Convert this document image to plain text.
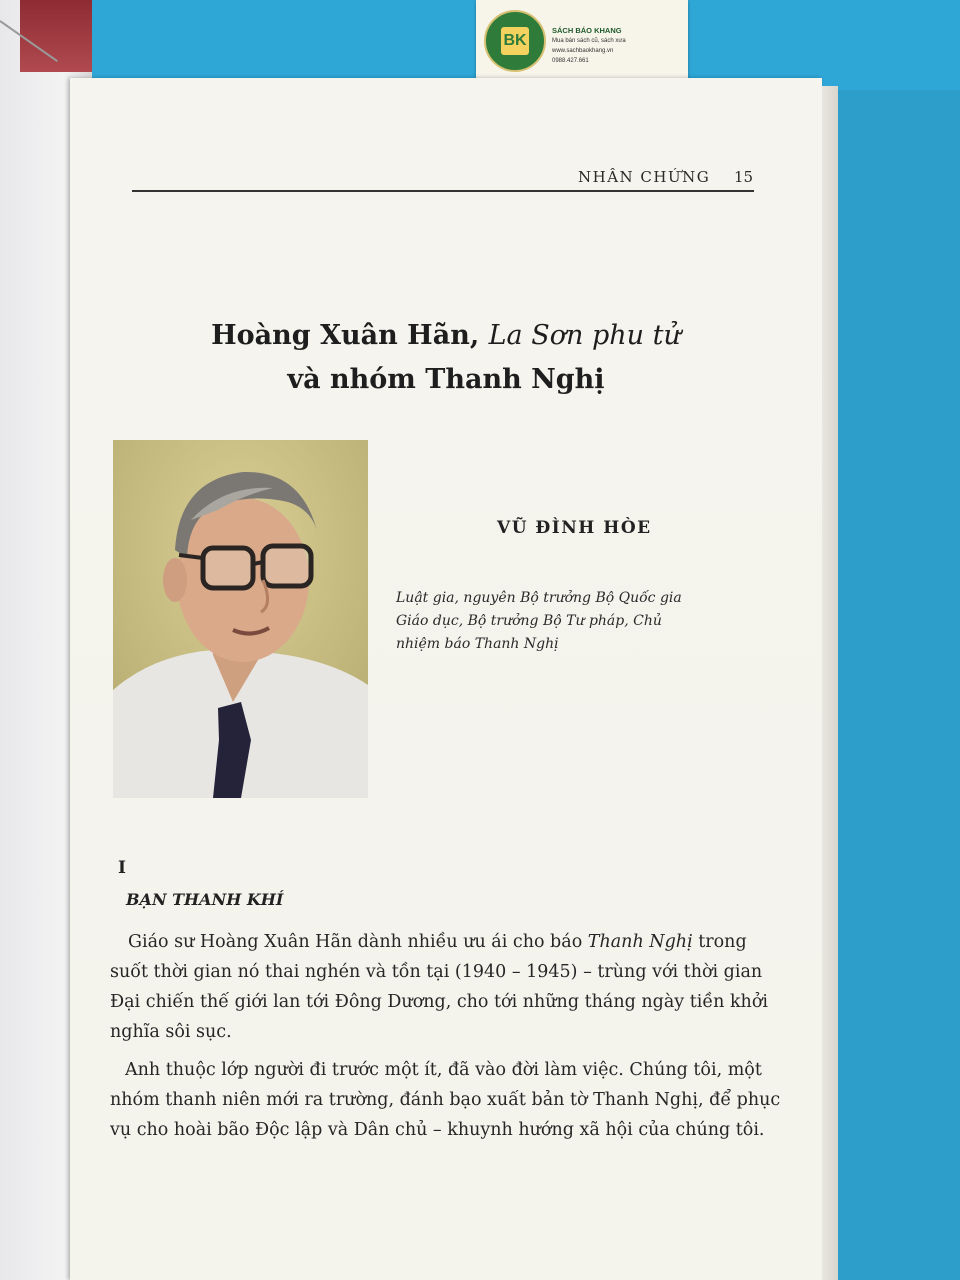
BK
SÁCH BÁO KHANG
Mua bán sách cũ, sách xưa
www.sachbaokhang.vn
0988.427.661
NHÂN CHỨNG 15
Hoàng Xuân Hãn, La Sơn phu tử
và nhóm Thanh Nghị
VŨ ĐÌNH HÒE
Luật gia, nguyên Bộ trưởng Bộ Quốc gia
Giáo dục, Bộ trưởng Bộ Tư pháp, Chủ
nhiệm báo Thanh Nghị
I
BẠN THANH KHÍ
Giáo sư Hoàng Xuân Hãn dành nhiều ưu ái cho báo Thanh Nghị trong
suốt thời gian nó thai nghén và tồn tại (1940 – 1945) – trùng với thời gian
Đại chiến thế giới lan tới Đông Dương, cho tới những tháng ngày tiền khởi
nghĩa sôi sục.
Anh thuộc lớp người đi trước một ít, đã vào đời làm việc. Chúng tôi, một
nhóm thanh niên mới ra trường, đánh bạo xuất bản tờ Thanh Nghị, để phục
vụ cho hoài bão Độc lập và Dân chủ – khuynh hướng xã hội của chúng tôi.
